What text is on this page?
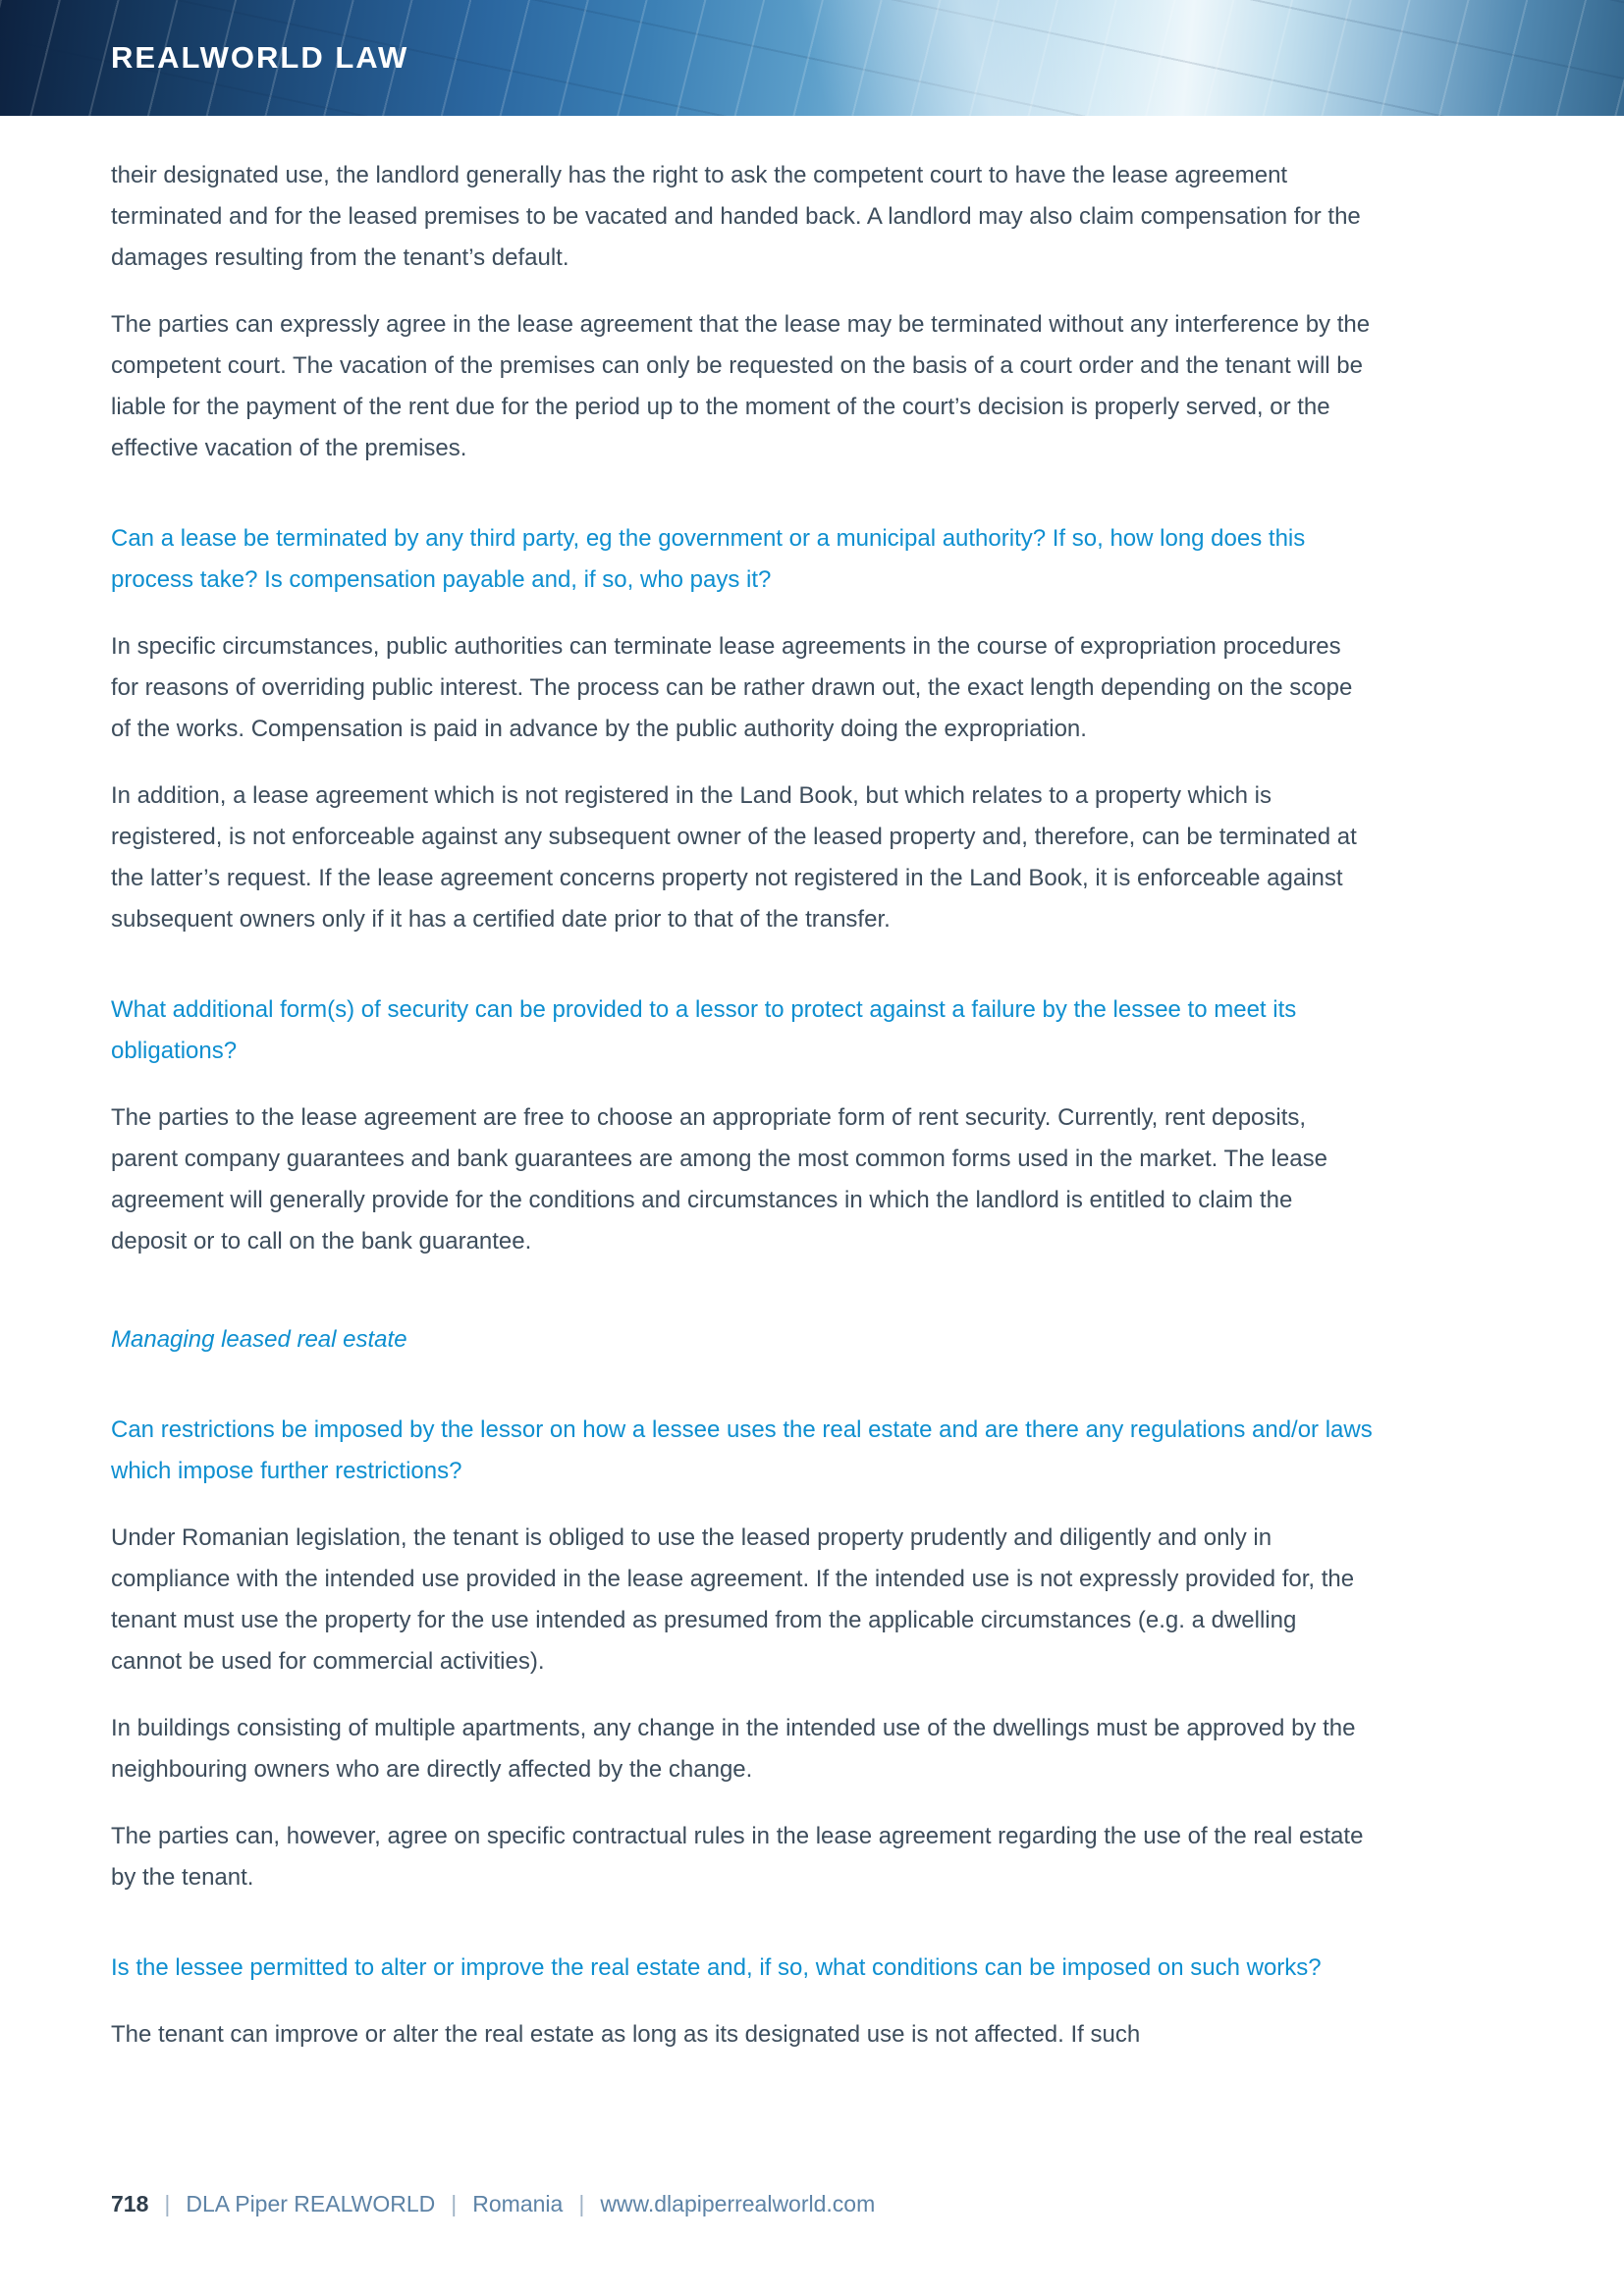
REALWORLD LAW

their designated use, the landlord generally has the right to ask the competent court to have the lease agreement terminated and for the leased premises to be vacated and handed back. A landlord may also claim compensation for the damages resulting from the tenant’s default.

The parties can expressly agree in the lease agreement that the lease may be terminated without any interference by the competent court. The vacation of the premises can only be requested on the basis of a court order and the tenant will be liable for the payment of the rent due for the period up to the moment of the court’s decision is properly served, or the effective vacation of the premises.

Can a lease be terminated by any third party, eg the government or a municipal authority? If so, how long does this process take? Is compensation payable and, if so, who pays it?

In specific circumstances, public authorities can terminate lease agreements in the course of expropriation procedures for reasons of overriding public interest. The process can be rather drawn out, the exact length depending on the scope of the works. Compensation is paid in advance by the public authority doing the expropriation.

In addition, a lease agreement which is not registered in the Land Book, but which relates to a property which is registered, is not enforceable against any subsequent owner of the leased property and, therefore, can be terminated at the latter’s request. If the lease agreement concerns property not registered in the Land Book, it is enforceable against subsequent owners only if it has a certified date prior to that of the transfer.

What additional form(s) of security can be provided to a lessor to protect against a failure by the lessee to meet its obligations?

The parties to the lease agreement are free to choose an appropriate form of rent security. Currently, rent deposits, parent company guarantees and bank guarantees are among the most common forms used in the market. The lease agreement will generally provide for the conditions and circumstances in which the landlord is entitled to claim the deposit or to call on the bank guarantee.

Managing leased real estate

Can restrictions be imposed by the lessor on how a lessee uses the real estate and are there any regulations and/or laws which impose further restrictions?

Under Romanian legislation, the tenant is obliged to use the leased property prudently and diligently and only in compliance with the intended use provided in the lease agreement. If the intended use is not expressly provided for, the tenant must use the property for the use intended as presumed from the applicable circumstances (e.g. a dwelling cannot be used for commercial activities).

In buildings consisting of multiple apartments, any change in the intended use of the dwellings must be approved by the neighbouring owners who are directly affected by the change.

The parties can, however, agree on specific contractual rules in the lease agreement regarding the use of the real estate by the tenant.

Is the lessee permitted to alter or improve the real estate and, if so, what conditions can be imposed on such works?

The tenant can improve or alter the real estate as long as its designated use is not affected. If such

718 | DLA Piper REALWORLD | Romania | www.dlapiperrealworld.com
